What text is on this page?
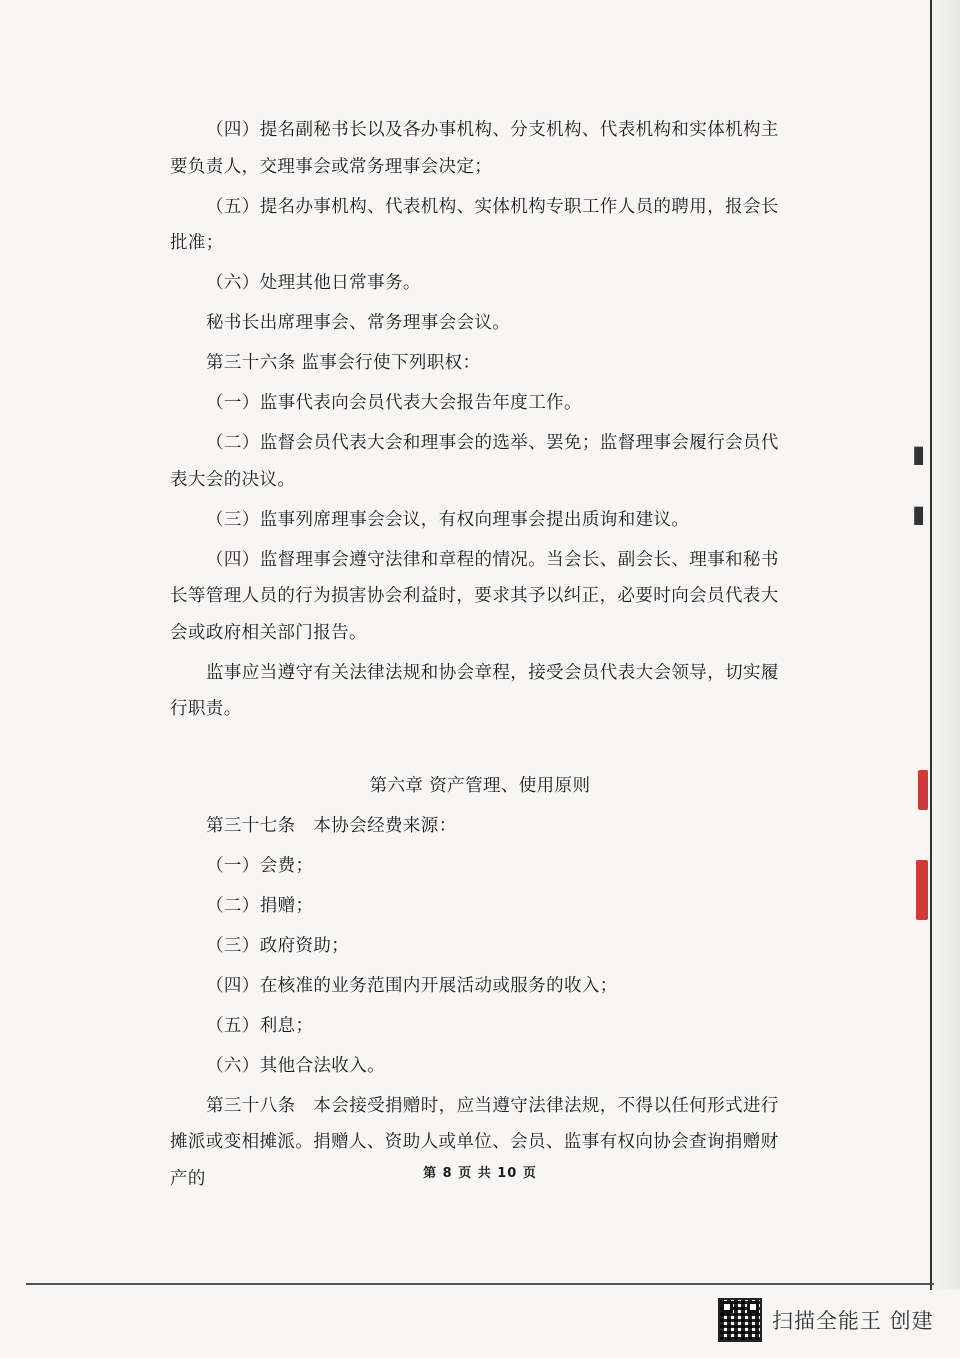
（四）提名副秘书长以及各办事机构、分支机构、代表机构和实体机构主要负责人，交理事会或常务理事会决定；

（五）提名办事机构、代表机构、实体机构专职工作人员的聘用，报会长批准；

（六）处理其他日常事务。

秘书长出席理事会、常务理事会会议。

第三十六条 监事会行使下列职权：

（一）监事代表向会员代表大会报告年度工作。

（二）监督会员代表大会和理事会的选举、罢免；监督理事会履行会员代表大会的决议。

（三）监事列席理事会会议，有权向理事会提出质询和建议。

（四）监督理事会遵守法律和章程的情况。当会长、副会长、理事和秘书长等管理人员的行为损害协会利益时，要求其予以纠正，必要时向会员代表大会或政府相关部门报告。

监事应当遵守有关法律法规和协会章程，接受会员代表大会领导，切实履行职责。

第六章 资产管理、使用原则

第三十七条　本协会经费来源：

（一）会费；

（二）捐赠；

（三）政府资助；

（四）在核准的业务范围内开展活动或服务的收入；

（五）利息；

（六）其他合法收入。

第三十八条　本会接受捐赠时，应当遵守法律法规，不得以任何形式进行摊派或变相摊派。捐赠人、资助人或单位、会员、监事有权向协会查询捐赠财产的	第 8 页 共 10 页
▮
▮
扫描全能王 创建
